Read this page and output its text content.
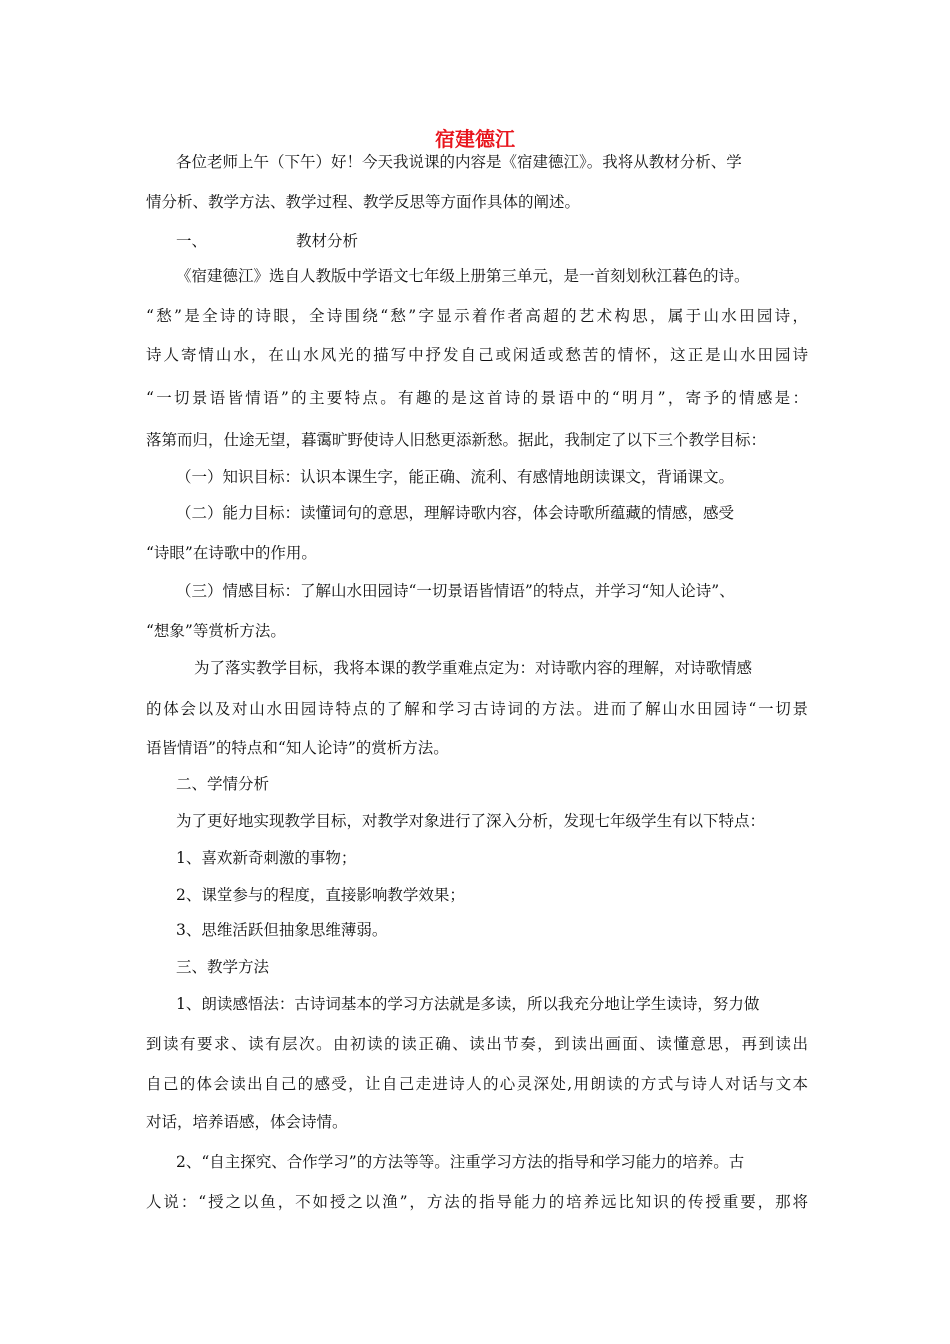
宿建德江
各位老师上午（下午）好！今天我说课的内容是《宿建德江》。我将从教材分析、学
情分析、教学方法、教学过程、教学反思等方面作具体的阐述。
一、	教材分析
《宿建德江》选自人教版中学语文七年级上册第三单元，是一首刻划秋江暮色的诗。
“愁”是全诗的诗眼，全诗围绕“愁”字显示着作者高超的艺术构思，属于山水田园诗，
诗人寄情山水，在山水风光的描写中抒发自己或闲适或愁苦的情怀，这正是山水田园诗
“一切景语皆情语”的主要特点。有趣的是这首诗的景语中的“明月”，寄予的情感是：
落第而归，仕途无望，暮霭旷野使诗人旧愁更添新愁。据此，我制定了以下三个教学目标：
（一）知识目标：认识本课生字，能正确、流利、有感情地朗读课文，背诵课文。
（二）能力目标：读懂词句的意思，理解诗歌内容，体会诗歌所蕴藏的情感，感受
“诗眼”在诗歌中的作用。
（三）情感目标：了解山水田园诗“一切景语皆情语”的特点，并学习“知人论诗”、
“想象”等赏析方法。
为了落实教学目标，我将本课的教学重难点定为：对诗歌内容的理解，对诗歌情感
的体会以及对山水田园诗特点的了解和学习古诗词的方法。进而了解山水田园诗“一切景
语皆情语”的特点和“知人论诗”的赏析方法。
二、学情分析
为了更好地实现教学目标，对教学对象进行了深入分析，发现七年级学生有以下特点：
1、喜欢新奇刺激的事物；
2、课堂参与的程度，直接影响教学效果；
3、思维活跃但抽象思维薄弱。
三、教学方法
1、朗读感悟法：古诗词基本的学习方法就是多读，所以我充分地让学生读诗，努力做
到读有要求、读有层次。由初读的读正确、读出节奏，到读出画面、读懂意思，再到读出
自己的体会读出自己的感受，让自己走进诗人的心灵深处,用朗读的方式与诗人对话与文本
对话，培养语感，体会诗情。
2、“自主探究、合作学习”的方法等等。注重学习方法的指导和学习能力的培养。古
人说：“授之以鱼，不如授之以渔”，方法的指导能力的培养远比知识的传授重要，那将
